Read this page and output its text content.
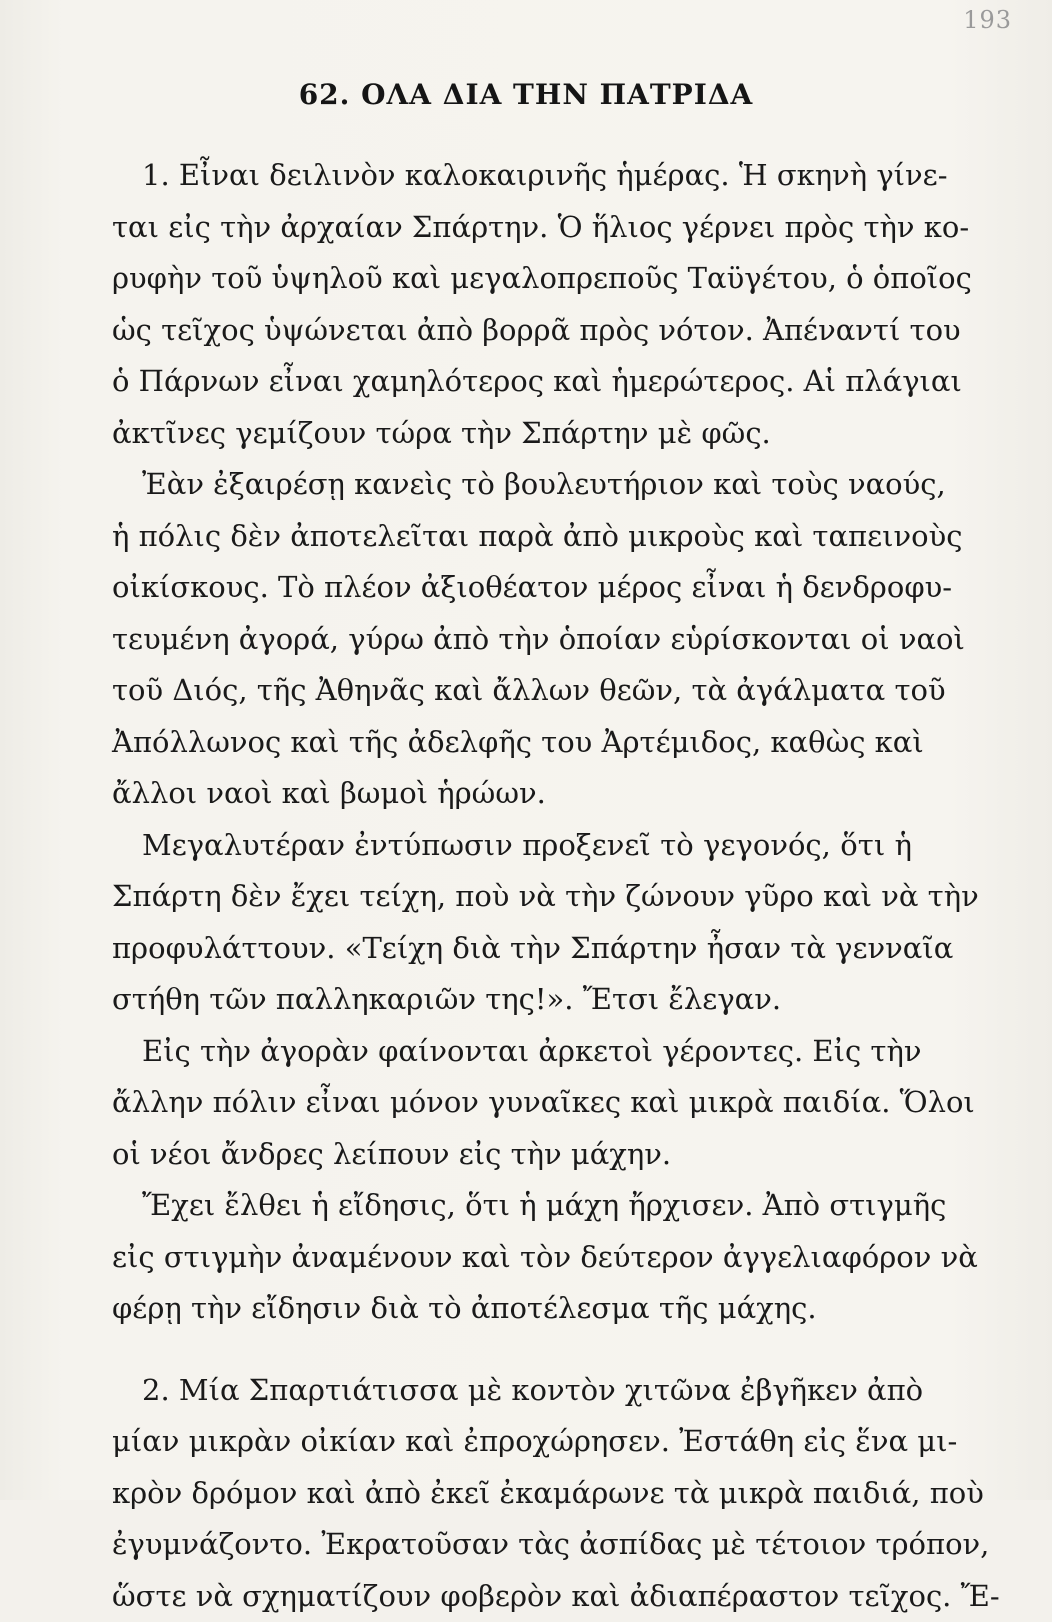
193
62. ΟΛΑ ΔΙΑ ΤΗΝ ΠΑΤΡΙΔΑ
1. Εἶναι δειλινὸν καλοκαιρινῆς ἡμέρας. Ἡ σκηνὴ γίνε-
ται εἰς τὴν ἀρχαίαν Σπάρτην. Ὁ ἥλιος γέρνει πρὸς τὴν κο-
ρυφὴν τοῦ ὑψηλοῦ καὶ μεγαλοπρεποῦς Ταϋγέτου, ὁ ὁποῖος
ὡς τεῖχος ὑψώνεται ἀπὸ βορρᾶ πρὸς νότον. Ἀπέναντί του
ὁ Πάρνων εἶναι χαμηλότερος καὶ ἡμερώτερος. Αἱ πλάγιαι
ἀκτῖνες γεμίζουν τώρα τὴν Σπάρτην μὲ φῶς.
Ἐὰν ἐξαιρέσῃ κανεὶς τὸ βουλευτήριον καὶ τοὺς ναούς,
ἡ πόλις δὲν ἀποτελεῖται παρὰ ἀπὸ μικροὺς καὶ ταπεινοὺς
οἰκίσκους. Τὸ πλέον ἀξιοθέατον μέρος εἶναι ἡ δενδροφυ-
τευμένη ἀγορά, γύρω ἀπὸ τὴν ὁποίαν εὑρίσκονται οἱ ναοὶ
τοῦ Διός, τῆς Ἀθηνᾶς καὶ ἄλλων θεῶν, τὰ ἀγάλματα τοῦ
Ἀπόλλωνος καὶ τῆς ἀδελφῆς του Ἀρτέμιδος, καθὼς καὶ
ἄλλοι ναοὶ καὶ βωμοὶ ἡρώων.
Μεγαλυτέραν ἐντύπωσιν προξενεῖ τὸ γεγονός, ὅτι ἡ
Σπάρτη δὲν ἔχει τείχη, ποὺ νὰ τὴν ζώνουν γῦρο καὶ νὰ τὴν
προφυλάττουν. «Τείχη διὰ τὴν Σπάρτην ἦσαν τὰ γενναῖα
στήθη τῶν παλληκαριῶν της!». Ἔτσι ἔλεγαν.
Εἰς τὴν ἀγορὰν φαίνονται ἀρκετοὶ γέροντες. Εἰς τὴν
ἄλλην πόλιν εἶναι μόνον γυναῖκες καὶ μικρὰ παιδία. Ὅλοι
οἱ νέοι ἄνδρες λείπουν εἰς τὴν μάχην.
Ἔχει ἔλθει ἡ εἴδησις, ὅτι ἡ μάχη ἤρχισεν. Ἀπὸ στιγμῆς
εἰς στιγμὴν ἀναμένουν καὶ τὸν δεύτερον ἀγγελιαφόρον νὰ
φέρῃ τὴν εἴδησιν διὰ τὸ ἀποτέλεσμα τῆς μάχης.
2. Μία Σπαρτιάτισσα μὲ κοντὸν χιτῶνα ἐβγῆκεν ἀπὸ
μίαν μικρὰν οἰκίαν καὶ ἐπροχώρησεν. Ἐστάθη εἰς ἕνα μι-
κρὸν δρόμον καὶ ἀπὸ ἐκεῖ ἐκαμάρωνε τὰ μικρὰ παιδιά, ποὺ
ἐγυμνάζοντο. Ἐκρατοῦσαν τὰς ἀσπίδας μὲ τέτοιον τρόπον,
ὥστε νὰ σχηματίζουν φοβερὸν καὶ ἀδιαπέραστον τεῖχος. Ἔ-
